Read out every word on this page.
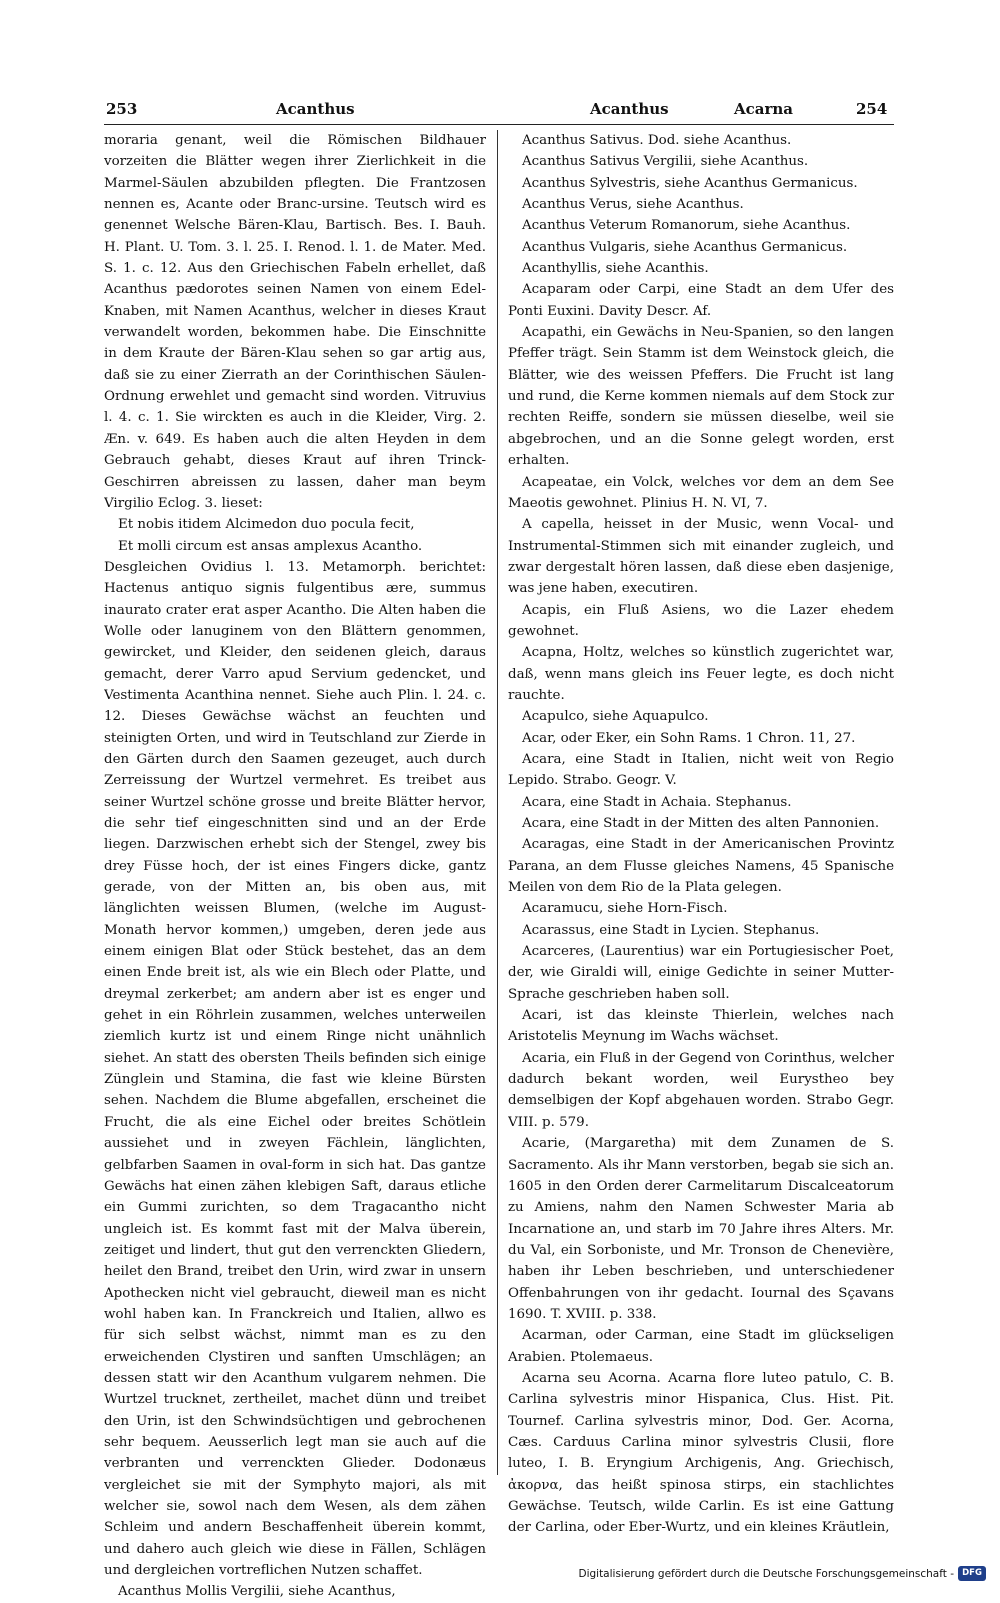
253	Acanthus	Acanthus	Acarna	254

moraria genant, weil die Römischen Bildhauer vorzeiten die Blätter wegen ihrer Zierlichkeit in die Marmel-Säulen abzubilden pflegten. Die Frantzosen nennen es, Acante oder Branc-ursine. Teutsch wird es genennet Welsche Bären-Klau, Bartisch. Bes. I. Bauh. H. Plant. U. Tom. 3. l. 25. I. Renod. l. 1. de Mater. Med. S. 1. c. 12. Aus den Griechischen Fabeln erhellet, daß Acanthus pædorotes seinen Namen von einem Edel-Knaben, mit Namen Acanthus, welcher in dieses Kraut verwandelt worden, bekommen habe. Die Einschnitte in dem Kraute der Bären-Klau sehen so gar artig aus, daß sie zu einer Zierrath an der Corinthischen Säulen-Ordnung erwehlet und gemacht sind worden. Vitruvius l. 4. c. 1. Sie wirckten es auch in die Kleider, Virg. 2. Æn. v. 649. Es haben auch die alten Heyden in dem Gebrauch gehabt, dieses Kraut auf ihren Trinck-Geschirren abreissen zu lassen, daher man beym Virgilio Eclog. 3. lieset:

Et nobis itidem Alcimedon duo pocula fecit,

Et molli circum est ansas amplexus Acantho.

Desgleichen Ovidius l. 13. Metamorph. berichtet: Hactenus antiquo signis fulgentibus ære, summus inaurato crater erat asper Acantho. Die Alten haben die Wolle oder lanuginem von den Blättern genommen, gewircket, und Kleider, den seidenen gleich, daraus gemacht, derer Varro apud Servium gedencket, und Vestimenta Acanthina nennet. Siehe auch Plin. l. 24. c. 12. Dieses Gewächse wächst an feuchten und steinigten Orten, und wird in Teutschland zur Zierde in den Gärten durch den Saamen gezeuget, auch durch Zerreissung der Wurtzel vermehret. Es treibet aus seiner Wurtzel schöne grosse und breite Blätter hervor, die sehr tief eingeschnitten sind und an der Erde liegen. Darzwischen erhebt sich der Stengel, zwey bis drey Füsse hoch, der ist eines Fingers dicke, gantz gerade, von der Mitten an, bis oben aus, mit länglichten weissen Blumen, (welche im August-Monath hervor kommen,) umgeben, deren jede aus einem einigen Blat oder Stück bestehet, das an dem einen Ende breit ist, als wie ein Blech oder Platte, und dreymal zerkerbet; am andern aber ist es enger und gehet in ein Röhrlein zusammen, welches unterweilen ziemlich kurtz ist und einem Ringe nicht unähnlich siehet. An statt des obersten Theils befinden sich einige Zünglein und Stamina, die fast wie kleine Bürsten sehen. Nachdem die Blume abgefallen, erscheinet die Frucht, die als eine Eichel oder breites Schötlein aussiehet und in zweyen Fächlein, länglichten, gelbfarben Saamen in oval-form in sich hat. Das gantze Gewächs hat einen zähen klebigen Saft, daraus etliche ein Gummi zurichten, so dem Tragacantho nicht ungleich ist. Es kommt fast mit der Malva überein, zeitiget und lindert, thut gut den verrenckten Gliedern, heilet den Brand, treibet den Urin, wird zwar in unsern Apothecken nicht viel gebraucht, dieweil man es nicht wohl haben kan. In Franckreich und Italien, allwo es für sich selbst wächst, nimmt man es zu den erweichenden Clystiren und sanften Umschlägen; an dessen statt wir den Acanthum vulgarem nehmen. Die Wurtzel trucknet, zertheilet, machet dünn und treibet den Urin, ist den Schwindsüchtigen und gebrochenen sehr bequem. Aeusserlich legt man sie auch auf die verbranten und verrenckten Glieder. Dodonæus vergleichet sie mit der Symphyto majori, als mit welcher sie, sowol nach dem Wesen, als dem zähen Schleim und andern Beschaffenheit überein kommt, und dahero auch gleich wie diese in Fällen, Schlägen und dergleichen vortreflichen Nutzen schaffet.

Acanthus Mollis Vergilii, siehe Acanthus,

Acanthus Sativus. Dod. siehe Acanthus.

Acanthus Sativus Vergilii, siehe Acanthus.

Acanthus Sylvestris, siehe Acanthus Germanicus.

Acanthus Verus, siehe Acanthus.

Acanthus Veterum Romanorum, siehe Acanthus.

Acanthus Vulgaris, siehe Acanthus Germanicus.

Acanthyllis, siehe Acanthis.

Acaparam oder Carpi, eine Stadt an dem Ufer des Ponti Euxini. Davity Descr. Af.

Acapathi, ein Gewächs in Neu-Spanien, so den langen Pfeffer trägt. Sein Stamm ist dem Weinstock gleich, die Blätter, wie des weissen Pfeffers. Die Frucht ist lang und rund, die Kerne kommen niemals auf dem Stock zur rechten Reiffe, sondern sie müssen dieselbe, weil sie abgebrochen, und an die Sonne gelegt worden, erst erhalten.

Acapeatae, ein Volck, welches vor dem an dem See Maeotis gewohnet. Plinius H. N. VI, 7.

A capella, heisset in der Music, wenn Vocal- und Instrumental-Stimmen sich mit einander zugleich, und zwar dergestalt hören lassen, daß diese eben dasjenige, was jene haben, executiren.

Acapis, ein Fluß Asiens, wo die Lazer ehedem gewohnet.

Acapna, Holtz, welches so künstlich zugerichtet war, daß, wenn mans gleich ins Feuer legte, es doch nicht rauchte.

Acapulco, siehe Aquapulco.

Acar, oder Eker, ein Sohn Rams. 1 Chron. 11, 27.

Acara, eine Stadt in Italien, nicht weit von Regio Lepido. Strabo. Geogr. V.

Acara, eine Stadt in Achaia. Stephanus.

Acara, eine Stadt in der Mitten des alten Pannonien.

Acaragas, eine Stadt in der Americanischen Provintz Parana, an dem Flusse gleiches Namens, 45 Spanische Meilen von dem Rio de la Plata gelegen.

Acaramucu, siehe Horn-Fisch.

Acarassus, eine Stadt in Lycien. Stephanus.

Acarceres, (Laurentius) war ein Portugiesischer Poet, der, wie Giraldi will, einige Gedichte in seiner Mutter-Sprache geschrieben haben soll.

Acari, ist das kleinste Thierlein, welches nach Aristotelis Meynung im Wachs wächset.

Acaria, ein Fluß in der Gegend von Corinthus, welcher dadurch bekant worden, weil Eurystheo bey demselbigen der Kopf abgehauen worden. Strabo Gegr. VIII. p. 579.

Acarie, (Margaretha) mit dem Zunamen de S. Sacramento. Als ihr Mann verstorben, begab sie sich an. 1605 in den Orden derer Carmelitarum Discalceatorum zu Amiens, nahm den Namen Schwester Maria ab Incarnatione an, und starb im 70 Jahre ihres Alters. Mr. du Val, ein Sorboniste, und Mr. Tronson de Chenevière, haben ihr Leben beschrieben, und unterschiedener Offenbahrungen von ihr gedacht. Iournal des Sçavans 1690. T. XVIII. p. 338.

Acarman, oder Carman, eine Stadt im glückseligen Arabien. Ptolemaeus.

Acarna seu Acorna. Acarna flore luteo patulo, C. B. Carlina sylvestris minor Hispanica, Clus. Hist. Pit. Tournef. Carlina sylvestris minor, Dod. Ger. Acorna, Cæs. Carduus Carlina minor sylvestris Clusii, flore luteo, I. B. Eryngium Archigenis, Ang. Griechisch, ἀκορνα, das heißt spinosa stirps, ein stachlichtes Gewächse. Teutsch, wilde Carlin. Es ist eine Gattung der Carlina, oder Eber-Wurtz, und ein kleines Kräutlein,

Digitalisierung gefördert durch die Deutsche Forschungsgemeinschaft - DFG
